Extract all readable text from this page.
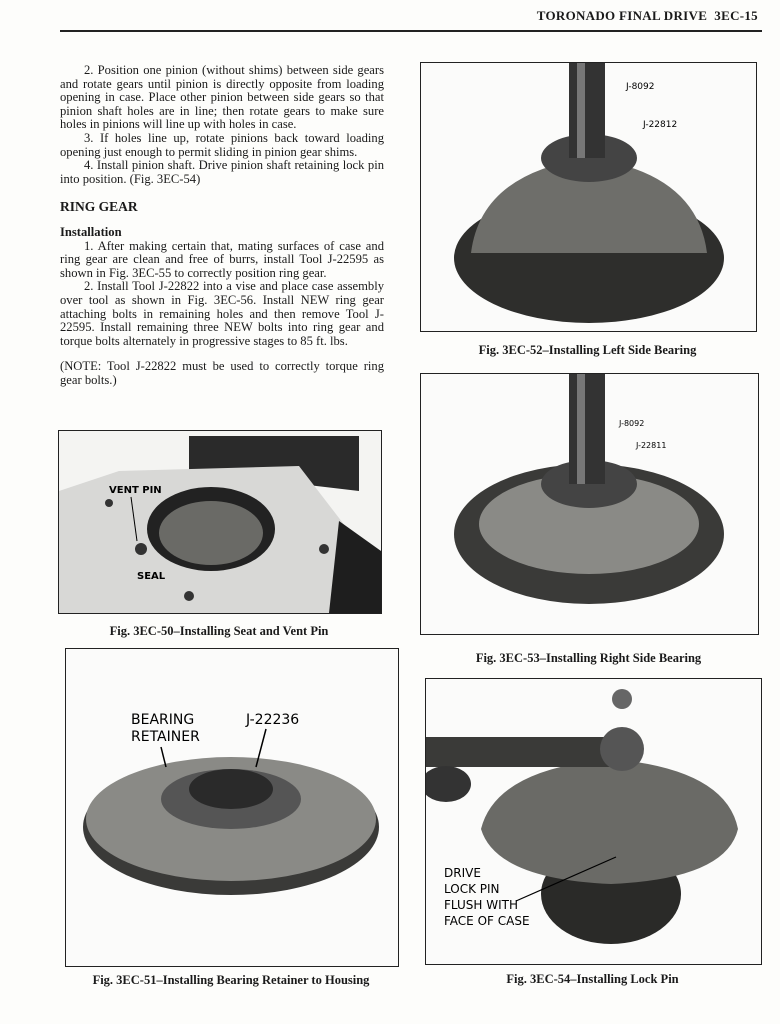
TORONADO FINAL DRIVE 3EC-15

2. Position one pinion (without shims) between side gears and rotate gears until pinion is directly opposite from loading opening in case. Place other pinion between side gears so that pinion shaft holes are in line; then rotate gears to make sure holes in pinions will line up with holes in case.

3. If holes line up, rotate pinions back toward loading opening just enough to permit sliding in pinion gear shims.

4. Install pinion shaft. Drive pinion shaft retaining lock pin into position. (Fig. 3EC-54)

RING GEAR

Installation

1. After making certain that, mating surfaces of case and ring gear are clean and free of burrs, install Tool J-22595 as shown in Fig. 3EC-55 to correctly position ring gear.

2. Install Tool J-22822 into a vise and place case assembly over tool as shown in Fig. 3EC-56. Install NEW ring gear attaching bolts in remaining holes and then remove Tool J-22595. Install remaining three NEW bolts into ring gear and torque bolts alternately in progressive stages to 85 ft. lbs.

(NOTE: Tool J-22822 must be used to correctly torque ring gear bolts.)

VENT PIN
SEAL
Fig. 3EC-50–Installing Seat and Vent Pin
BEARING
RETAINER
J-22236
Fig. 3EC-51–Installing Bearing Retainer to Housing
J-8092
J-22812
Fig. 3EC-52–Installing Left Side Bearing
J-8092
J-22811
Fig. 3EC-53–Installing Right Side Bearing
DRIVE
LOCK PIN
FLUSH WITH
FACE OF CASE
Fig. 3EC-54–Installing Lock Pin
